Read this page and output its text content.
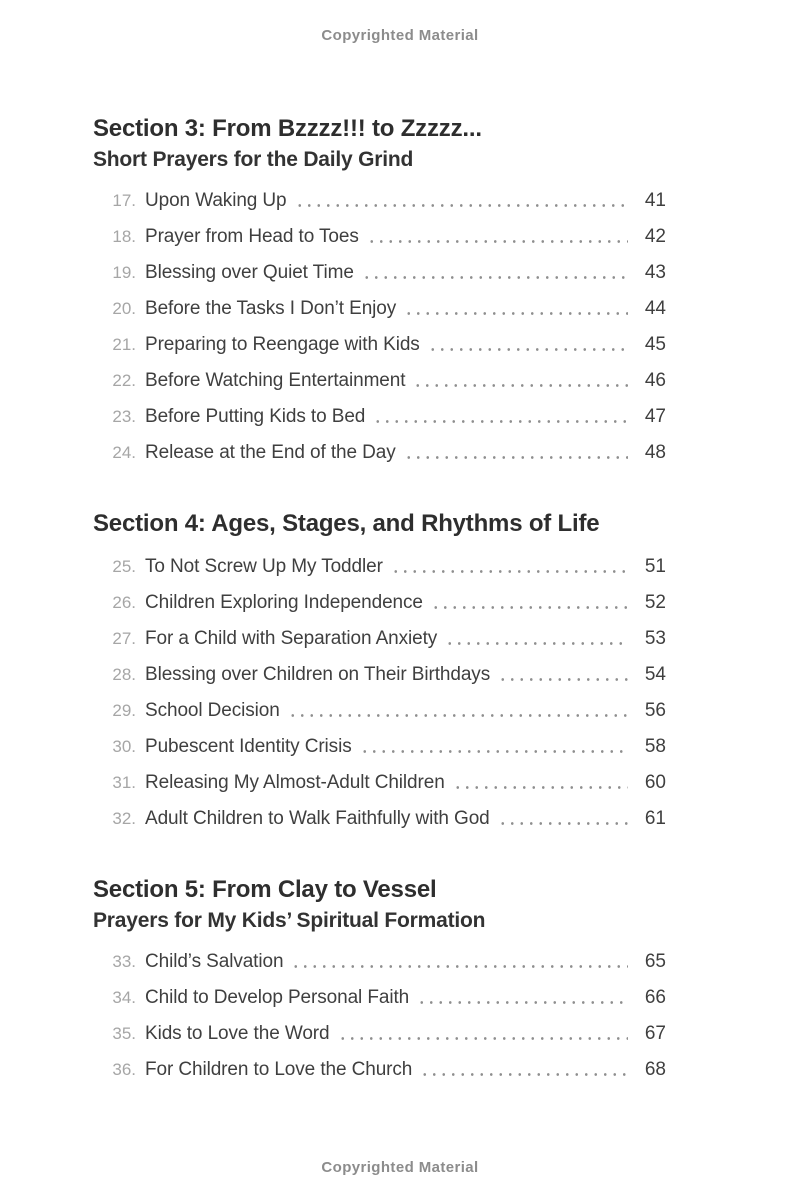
Copyrighted Material
Section 3: From Bzzzz!!! to Zzzzz...
Short Prayers for the Daily Grind
17. Upon Waking Up	41
18. Prayer from Head to Toes	42
19. Blessing over Quiet Time	43
20. Before the Tasks I Don’t Enjoy	44
21. Preparing to Reengage with Kids	45
22. Before Watching Entertainment	46
23. Before Putting Kids to Bed	47
24. Release at the End of the Day	48
Section 4: Ages, Stages, and Rhythms of Life
25. To Not Screw Up My Toddler	51
26. Children Exploring Independence	52
27. For a Child with Separation Anxiety	53
28. Blessing over Children on Their Birthdays	54
29. School Decision	56
30. Pubescent Identity Crisis	58
31. Releasing My Almost-Adult Children	60
32. Adult Children to Walk Faithfully with God	61
Section 5: From Clay to Vessel
Prayers for My Kids’ Spiritual Formation
33. Child’s Salvation	65
34. Child to Develop Personal Faith	66
35. Kids to Love the Word	67
36. For Children to Love the Church	68
Copyrighted Material
